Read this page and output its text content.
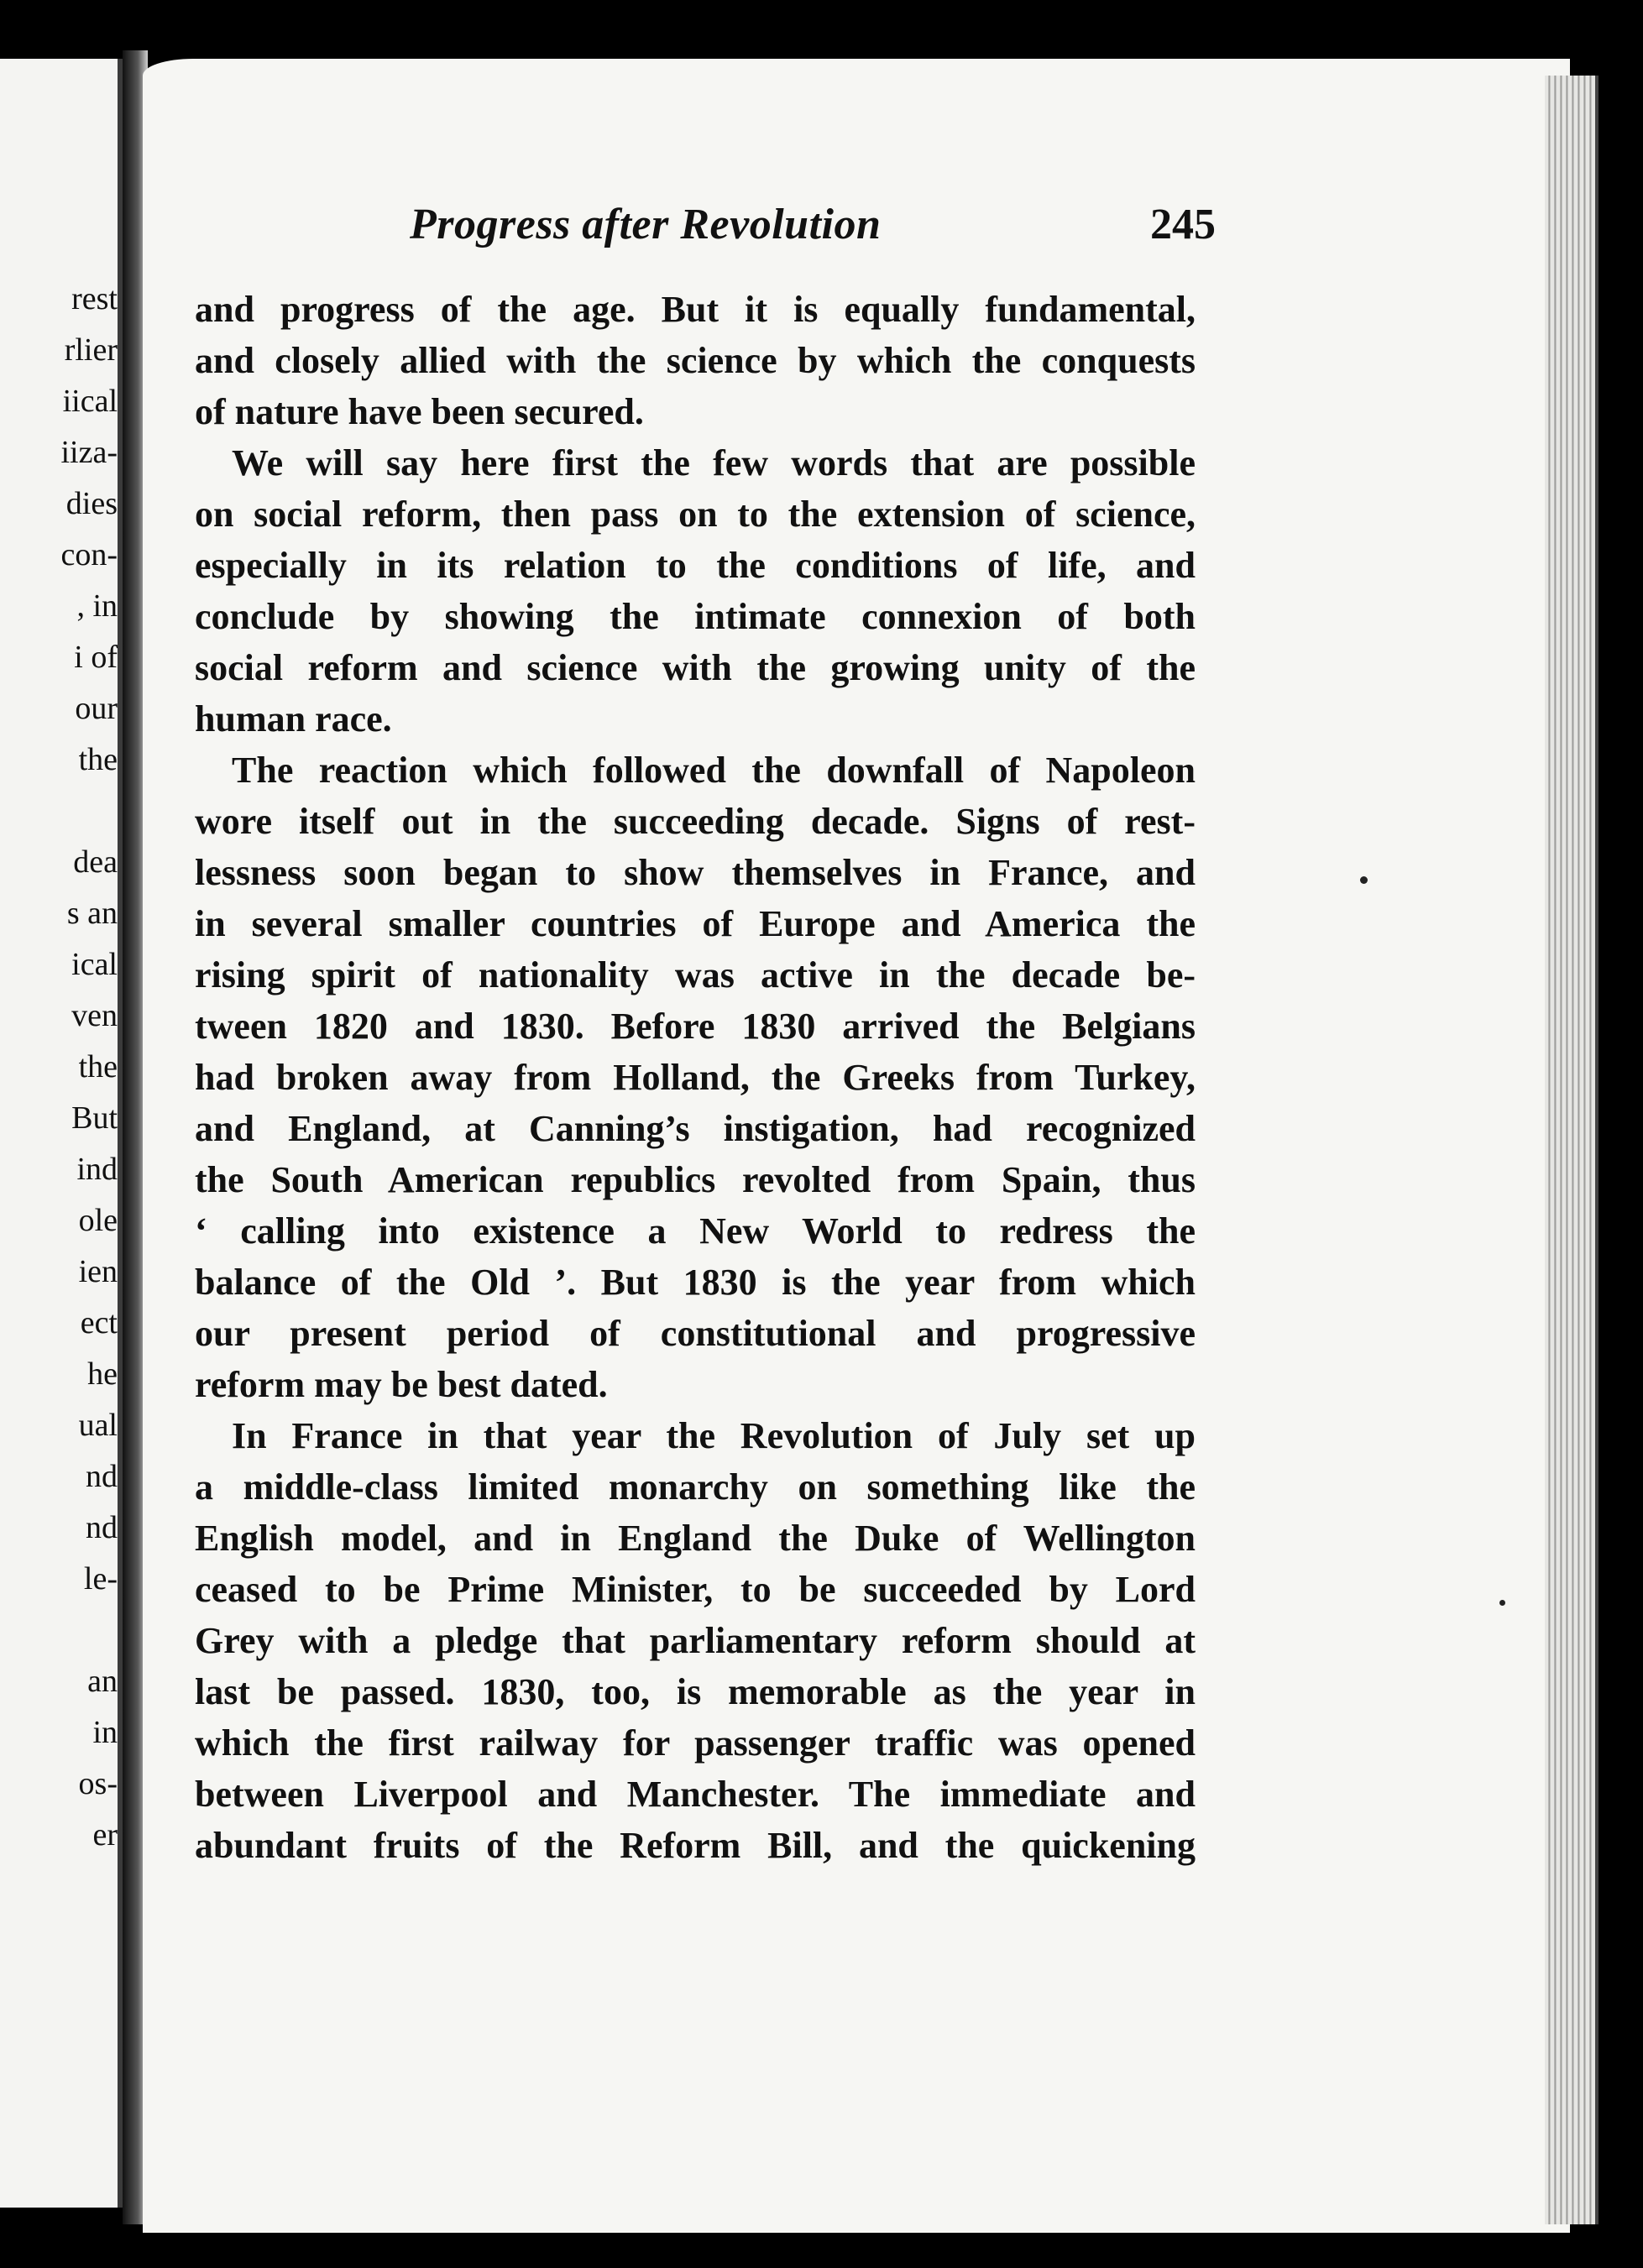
rest
rlier
iical
iiza-
dies
con-
, in
i of
our
the
dea
s an
ical
ven
the
But
ind
ole
ien
ect
he
ual
nd
nd
le-
an
in
os-
er
Progress after Revolution	245
and progress of the age. But it is equally fundamental,
and closely allied with the science by which the conquests
of nature have been secured.
We will say here first the few words that are possible
on social reform, then pass on to the extension of science,
especially in its relation to the conditions of life, and
conclude by showing the intimate connexion of both
social reform and science with the growing unity of the
human race.
The reaction which followed the downfall of Napoleon
wore itself out in the succeeding decade. Signs of rest-
lessness soon began to show themselves in France, and
in several smaller countries of Europe and America the
rising spirit of nationality was active in the decade be-
tween 1820 and 1830. Before 1830 arrived the Belgians
had broken away from Holland, the Greeks from Turkey,
and England, at Canning’s instigation, had recognized
the South American republics revolted from Spain, thus
‘ calling into existence a New World to redress the
balance of the Old ’. But 1830 is the year from which
our present period of constitutional and progressive
reform may be best dated.
In France in that year the Revolution of July set up
a middle-class limited monarchy on something like the
English model, and in England the Duke of Wellington
ceased to be Prime Minister, to be succeeded by Lord
Grey with a pledge that parliamentary reform should at
last be passed. 1830, too, is memorable as the year in
which the first railway for passenger traffic was opened
between Liverpool and Manchester. The immediate and
abundant fruits of the Reform Bill, and the quickening
